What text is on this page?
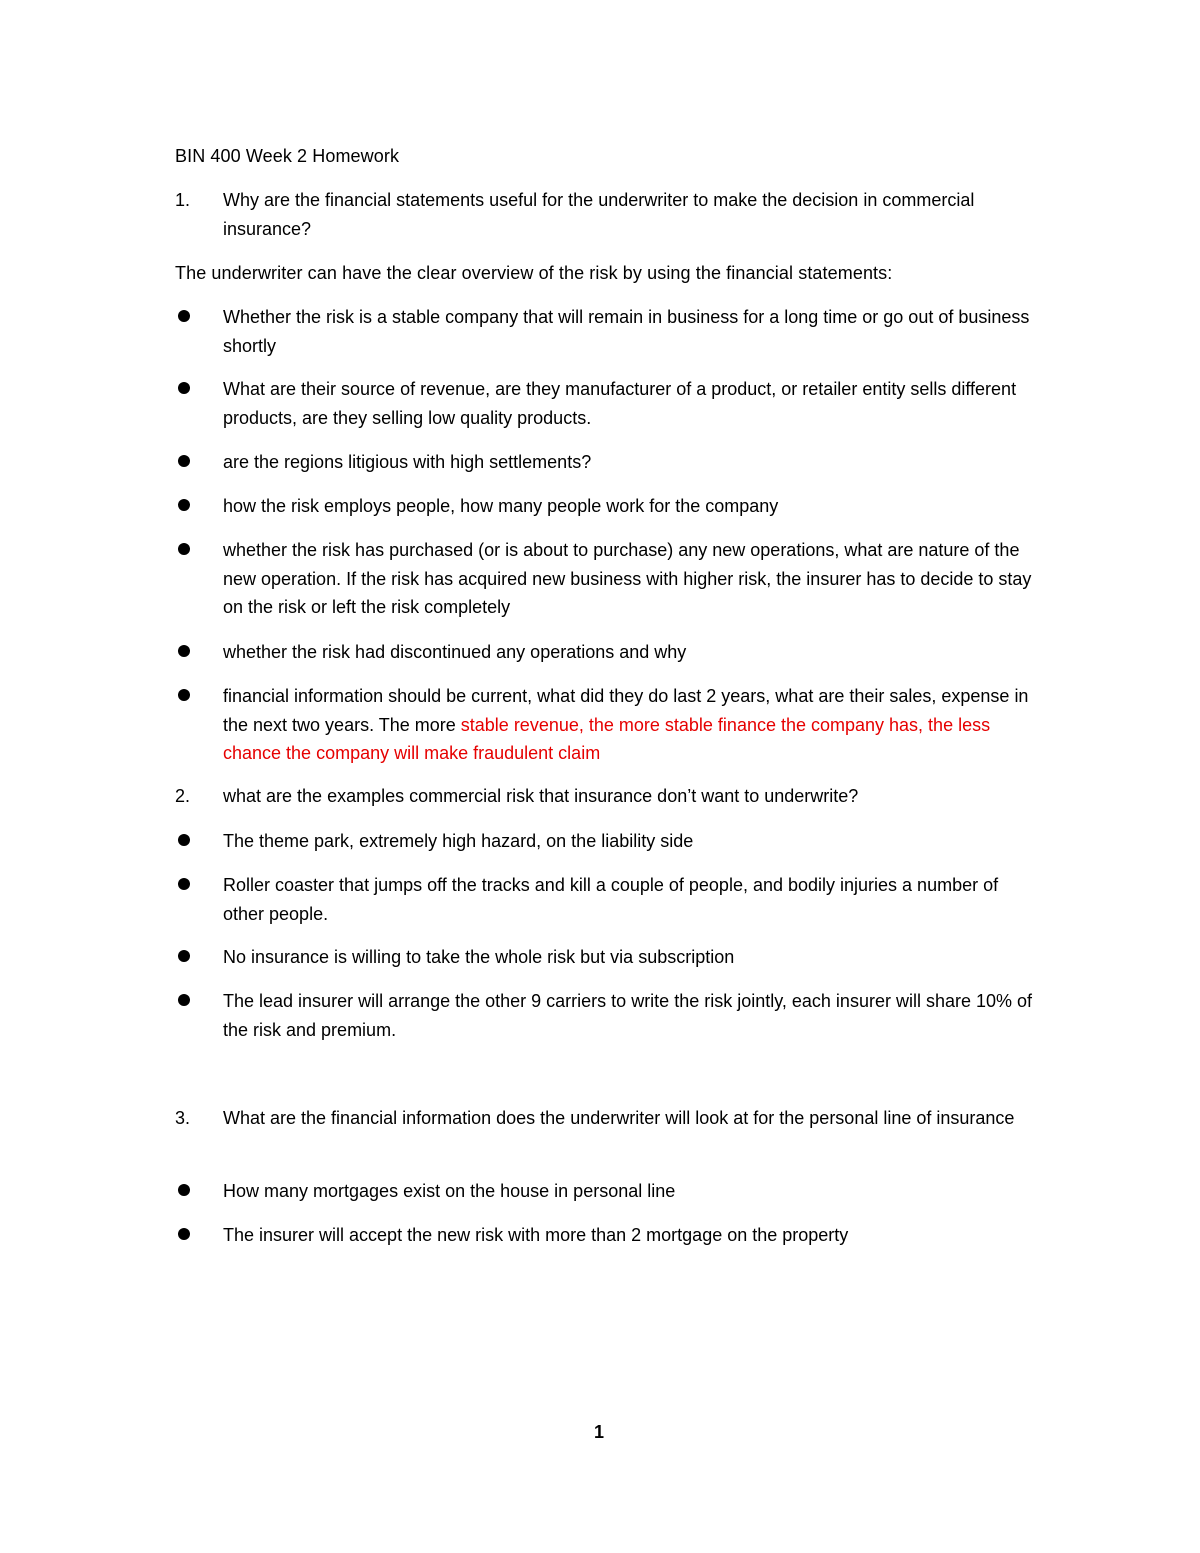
BIN 400 Week 2 Homework
1. Why are the financial statements useful for the underwriter to make the decision in commercial insurance?
The underwriter can have the clear overview of the risk by using the financial statements:
Whether the risk is a stable company that will remain in business for a long time or go out of business shortly
What are their source of revenue, are they manufacturer of a product, or retailer entity sells different products, are they selling low quality products.
are the regions litigious with high settlements?
how the risk employs people, how many people work for the company
whether the risk has purchased (or is about to purchase) any new operations, what are nature of the new operation. If the risk has acquired new business with higher risk, the insurer has to decide to stay on the risk or left the risk completely
whether the risk had discontinued any operations and why
financial information should be current, what did they do last 2 years, what are their sales, expense in the next two years. The more stable revenue, the more stable finance the company has, the less chance the company will make fraudulent claim
2. what are the examples commercial risk that insurance don’t want to underwrite?
The theme park, extremely high hazard, on the liability side
Roller coaster that jumps off the tracks and kill a couple of people, and bodily injuries a number of other people.
No insurance is willing to take the whole risk but via subscription
The lead insurer will arrange the other 9 carriers to write the risk jointly, each insurer will share 10% of the risk and premium.
3. What are the financial information does the underwriter will look at for the personal line of insurance
How many mortgages exist on the house in personal line
The insurer will accept the new risk with more than 2 mortgage on the property
1
